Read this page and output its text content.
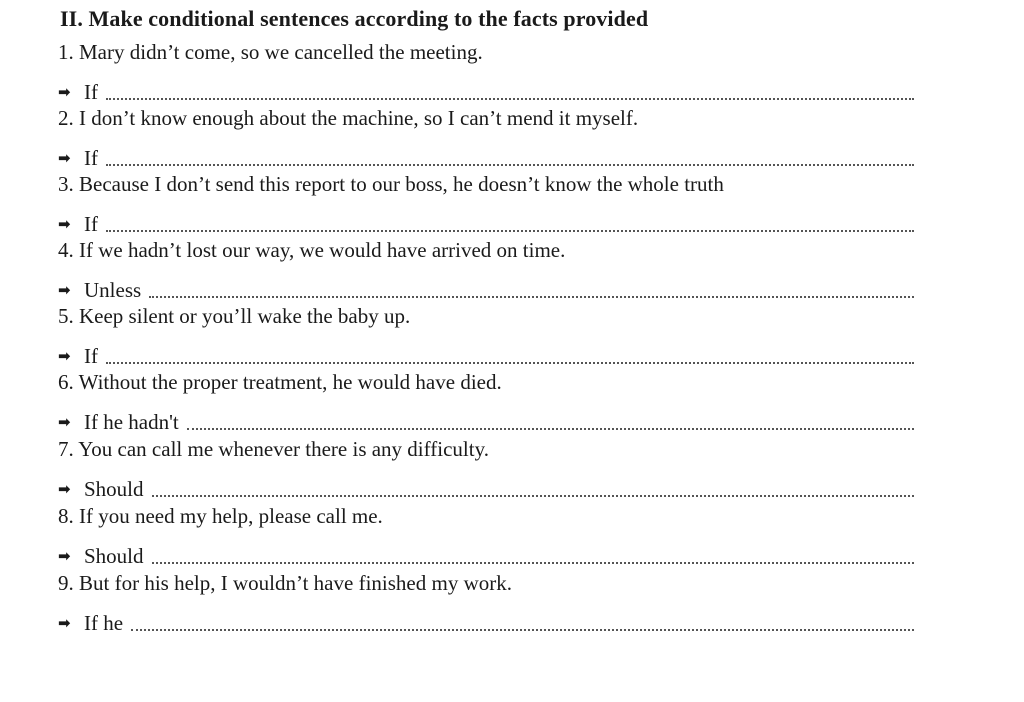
II. Make conditional sentences according to the facts provided
1. Mary didn’t come, so we cancelled the meeting.
➡ If
2. I don’t know enough about the machine, so I can’t mend it myself.
➡ If
3. Because I don’t send this report to our boss, he doesn’t know the whole truth
➡ If
4. If we hadn’t lost our way, we would have arrived on time.
➡ Unless
5. Keep silent or you’ll wake the baby up.
➡ If
6. Without the proper treatment, he would have died.
➡ If he hadn't
7. You can call me whenever there is any difficulty.
➡ Should
8. If you need my help, please call me.
➡ Should
9. But for his help, I wouldn’t have finished my work.
➡ If he
